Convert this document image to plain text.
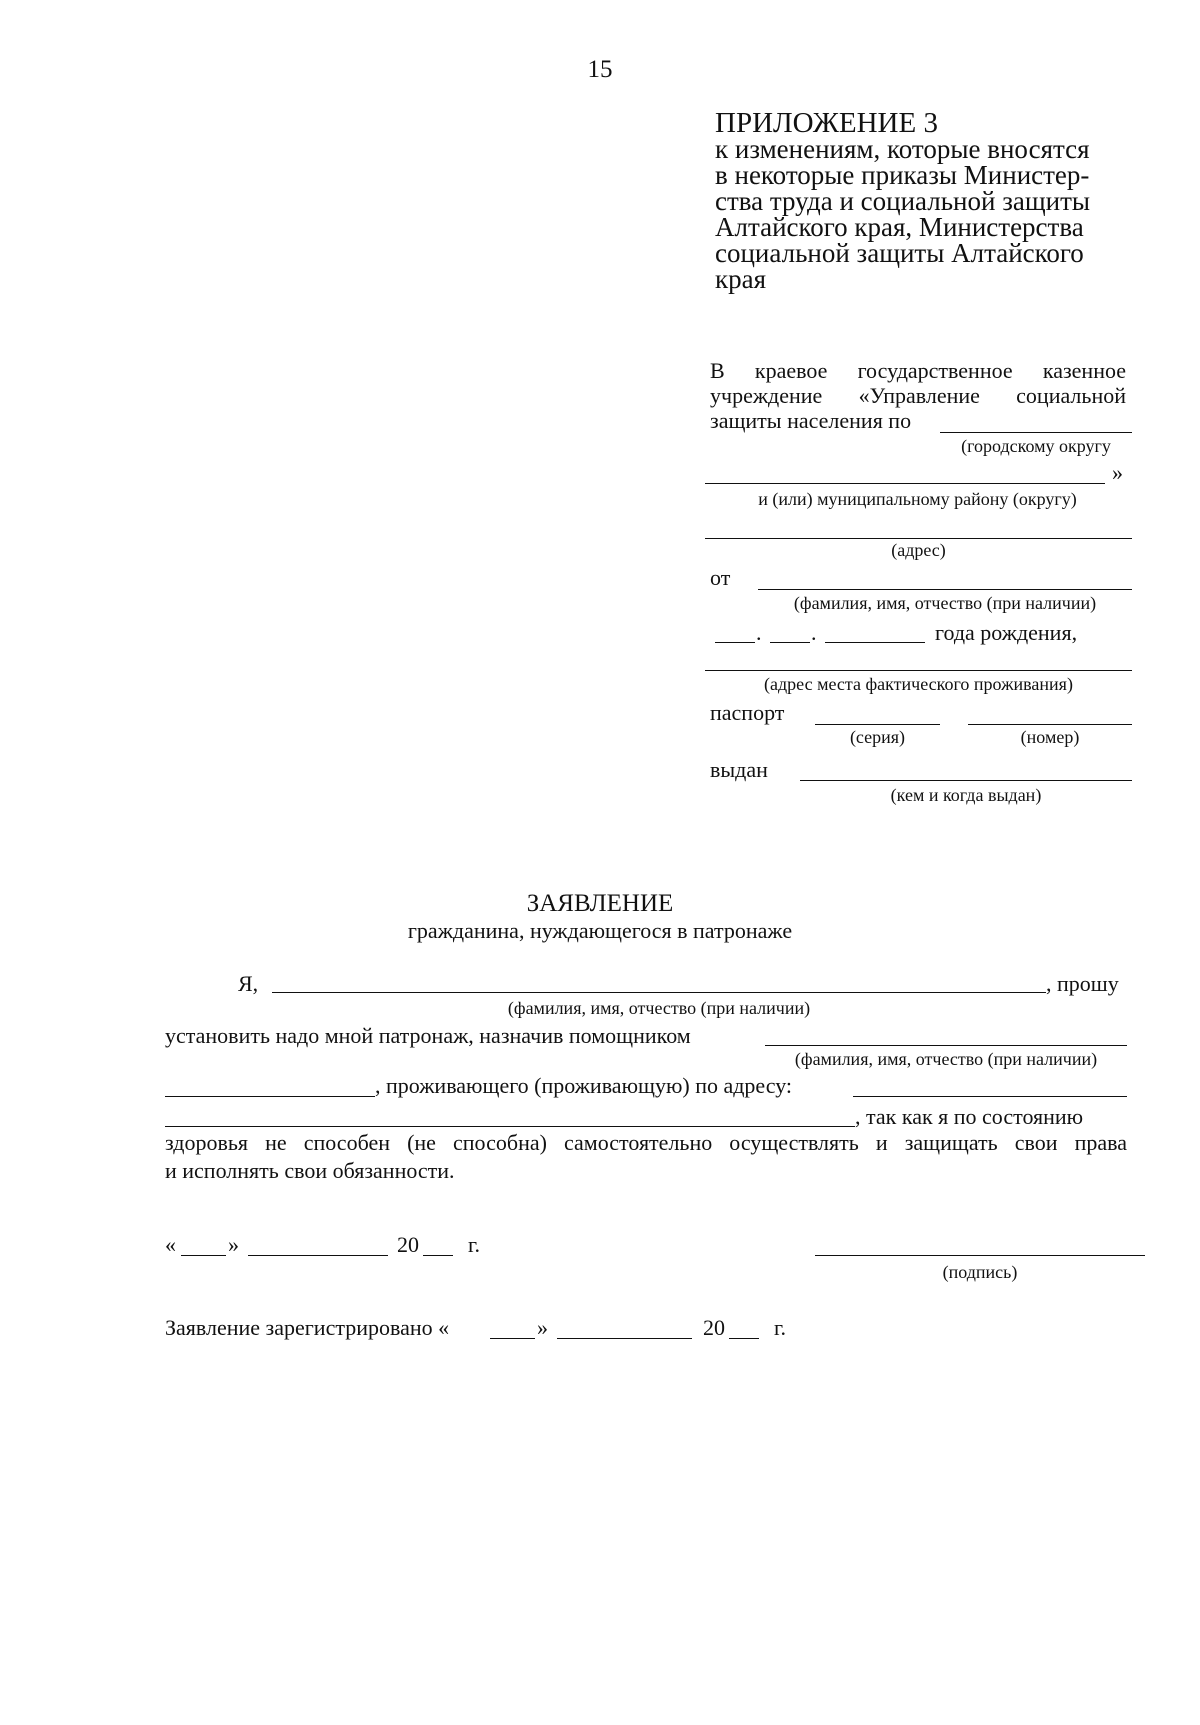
15
ПРИЛОЖЕНИЕ 3
к изменениям, которые вносятся
в некоторые приказы Министер-
ства труда и социальной защиты
Алтайского края, Министерства
социальной защиты Алтайского
края
В краевое государственное казенное
учреждение «Управление социальной
защиты населения по
(городскому округу
»
и (или) муниципальному району (округу)
(адрес)
от
(фамилия, имя, отчество (при наличии)
. .	года рождения,
(адрес места фактического проживания)
паспорт
(серия)	(номер)
выдан
(кем и когда выдан)
ЗАЯВЛЕНИЕ
гражданина, нуждающегося в патронаже
Я,	, прошу
(фамилия, имя, отчество (при наличии)
установить надо мной патронаж, назначив помощником
(фамилия, имя, отчество (при наличии)
, проживающего (проживающую) по адресу:
, так как я по состоянию
здоровья не способен (не способна) самостоятельно осуществлять и защищать свои права
и исполнять свои обязанности.
« »	20 г.
(подпись)
Заявление зарегистрировано «	»	20 г.
